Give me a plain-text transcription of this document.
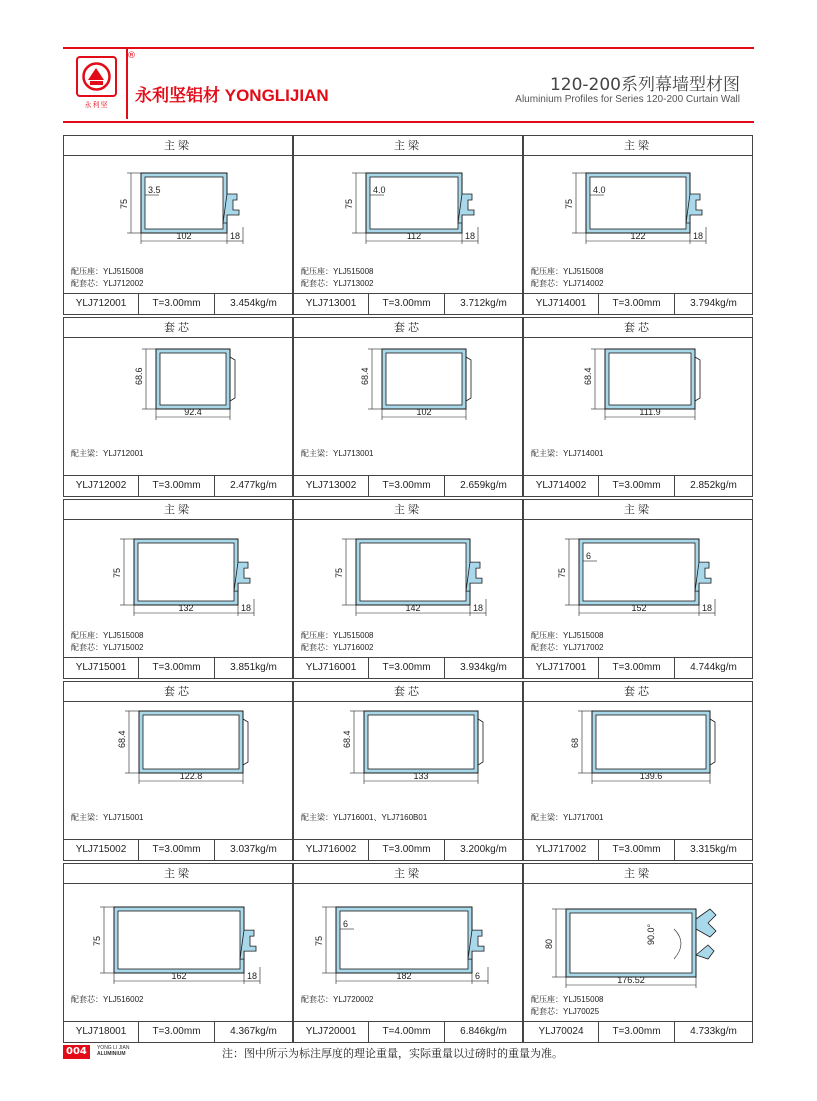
永利坚
®
永利坚铝材 YONGLIJIAN
120-200系列幕墙型材图
Aluminium Profiles for Series 120-200 Curtain Wall
主梁
75
102	18
3.5
配压座：YLJ515008
配套芯：YLJ712002
YLJ712001	T=3.00mm	3.454kg/m
主梁
75
112	18
4.0
配压座：YLJ515008
配套芯：YLJ713002
YLJ713001	T=3.00mm	3.712kg/m
主梁
75
122	18
4.0
配压座：YLJ515008
配套芯：YLJ714002
YLJ714001	T=3.00mm	3.794kg/m
套芯
68.6
92.4
配主梁：YLJ712001
YLJ712002	T=3.00mm	2.477kg/m
套芯
68.4
102
配主梁：YLJ713001
YLJ713002	T=3.00mm	2.659kg/m
套芯
68.4
111.9
配主梁：YLJ714001
YLJ714002	T=3.00mm	2.852kg/m
主梁
75
132	18
配压座：YLJ515008
配套芯：YLJ715002
YLJ715001	T=3.00mm	3.851kg/m
主梁
75
142	18
配压座：YLJ515008
配套芯：YLJ716002
YLJ716001	T=3.00mm	3.934kg/m
主梁
75
152	18
6
配压座：YLJ515008
配套芯：YLJ717002
YLJ717001	T=3.00mm	4.744kg/m
套芯
68.4
122.8
配主梁：YLJ715001
YLJ715002	T=3.00mm	3.037kg/m
套芯
68.4
133
配主梁：YLJ716001、YLJ7160B01
YLJ716002	T=3.00mm	3.200kg/m
套芯
68
139.6
配主梁：YLJ717001
YLJ717002	T=3.00mm	3.315kg/m
主梁
75
162	18
配套芯：YLJ516002
YLJ718001	T=3.00mm	4.367kg/m
主梁
75
182	6
6
配套芯：YLJ720002
YLJ720001	T=4.00mm	6.846kg/m
主梁
90.0°
80
176.52
配压座：YLJ515008
配套芯：YLJ70025
YLJ70024	T=3.00mm	4.733kg/m
004 YONG LI JIAN
ALUMINIUM	注：图中所示为标注厚度的理论重量，实际重量以过磅时的重量为准。
